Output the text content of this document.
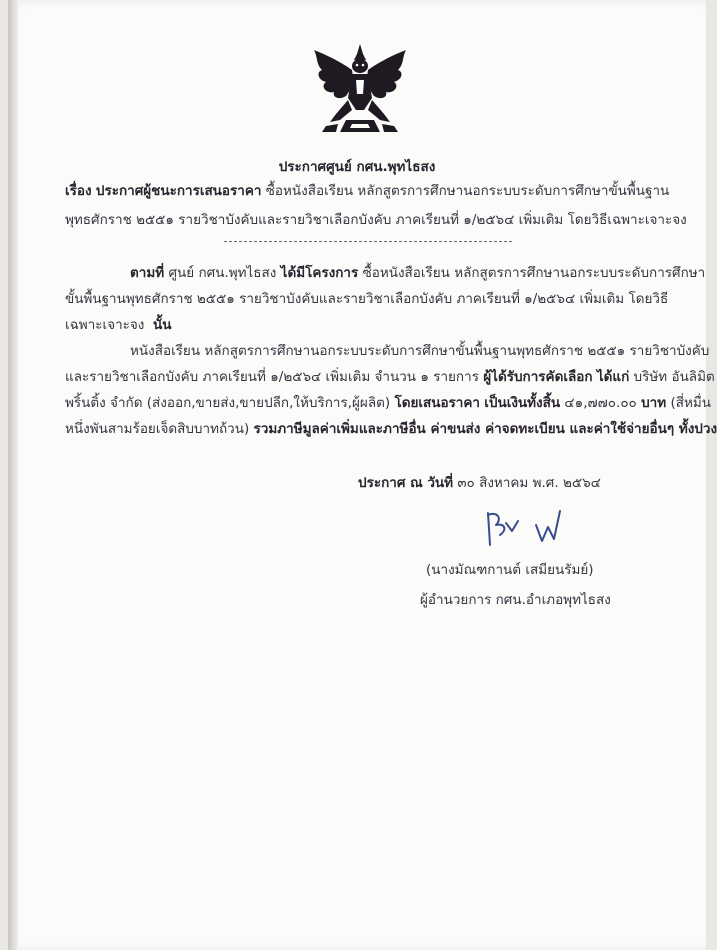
ประกาศศูนย์ กศน.พุทไธสง
เรื่อง ประกาศผู้ชนะการเสนอราคา ซื้อหนังสือเรียน หลักสูตรการศึกษานอกระบบระดับการศึกษาขั้นพื้นฐาน
พุทธศักราช ๒๕๕๑ รายวิชาบังคับและรายวิชาเลือกบังคับ ภาคเรียนที่ ๑/๒๕๖๔ เพิ่มเติม โดยวิธีเฉพาะเจาะจง
ตามที่ ศูนย์ กศน.พุทไธสง ได้มีโครงการ ซื้อหนังสือเรียน หลักสูตรการศึกษานอกระบบระดับการศึกษา
ขั้นพื้นฐานพุทธศักราช ๒๕๕๑ รายวิชาบังคับและรายวิชาเลือกบังคับ ภาคเรียนที่ ๑/๒๕๖๔ เพิ่มเติม โดยวิธี
เฉพาะเจาะจง นั้น
หนังสือเรียน หลักสูตรการศึกษานอกระบบระดับการศึกษาขั้นพื้นฐานพุทธศักราช ๒๕๕๑ รายวิชาบังคับ
และรายวิชาเลือกบังคับ ภาคเรียนที่ ๑/๒๕๖๔ เพิ่มเติม จำนวน ๑ รายการ ผู้ได้รับการคัดเลือก ได้แก่ บริษัท อันลิมิต
พริ้นติ้ง จำกัด (ส่งออก,ขายส่ง,ขายปลีก,ให้บริการ,ผู้ผลิต) โดยเสนอราคา เป็นเงินทั้งสิ้น ๔๑,๗๗๐.๐๐ บาท (สี่หมื่น
หนึ่งพันสามร้อยเจ็ดสิบบาทถ้วน) รวมภาษีมูลค่าเพิ่มและภาษีอื่น ค่าขนส่ง ค่าจดทะเบียน และค่าใช้จ่ายอื่นๆ ทั้งปวง
ประกาศ ณ วันที่ ๓๐ สิงหาคม พ.ศ. ๒๕๖๔
(นางมัณฑกานต์ เสมียนรัมย์)
ผู้อำนวยการ กศน.อำเภอพุทไธสง
